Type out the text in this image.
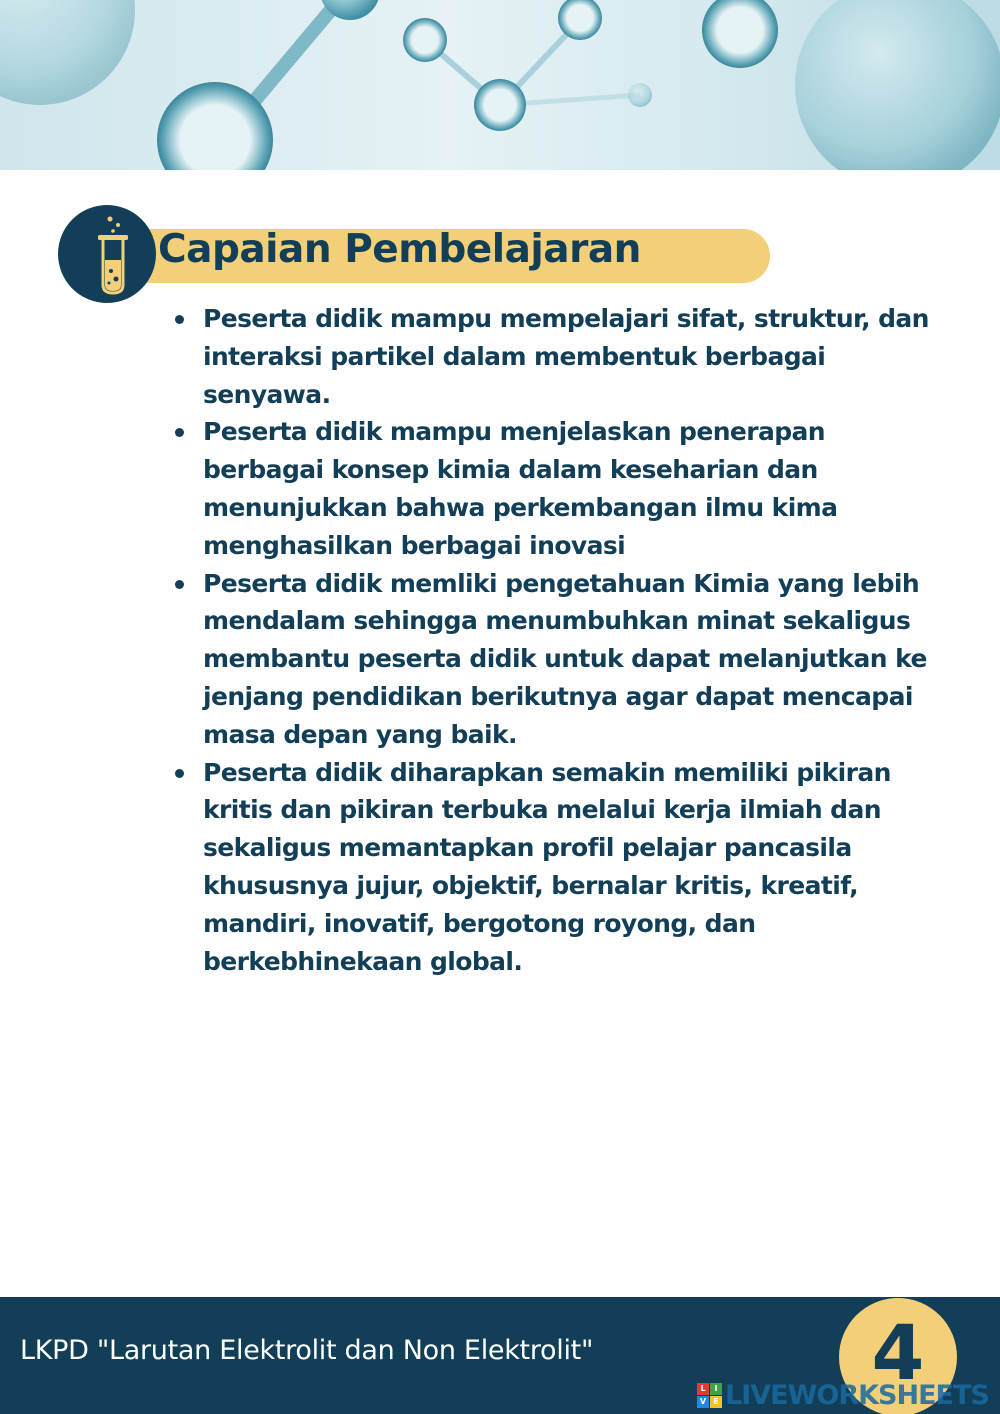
Capaian Pembelajaran
Peserta didik mampu mempelajari sifat, struktur, dan interaksi partikel dalam membentuk berbagai senyawa.
Peserta didik mampu menjelaskan penerapan berbagai konsep kimia dalam keseharian dan menunjukkan bahwa perkembangan ilmu kima menghasilkan berbagai inovasi
Peserta didik memliki pengetahuan Kimia yang lebih mendalam sehingga menumbuhkan minat sekaligus membantu peserta didik untuk dapat melanjutkan ke jenjang pendidikan berikutnya agar dapat mencapai masa depan yang baik.
Peserta didik diharapkan semakin memiliki pikiran kritis dan pikiran terbuka melalui kerja ilmiah dan sekaligus memantapkan profil pelajar pancasila khususnya jujur, objektif, bernalar kritis, kreatif, mandiri, inovatif, bergotong royong, dan berkebhinekaan global.
LKPD "Larutan Elektrolit dan Non Elektrolit"	4
L	I
V E LIVEWORKSHEETS
